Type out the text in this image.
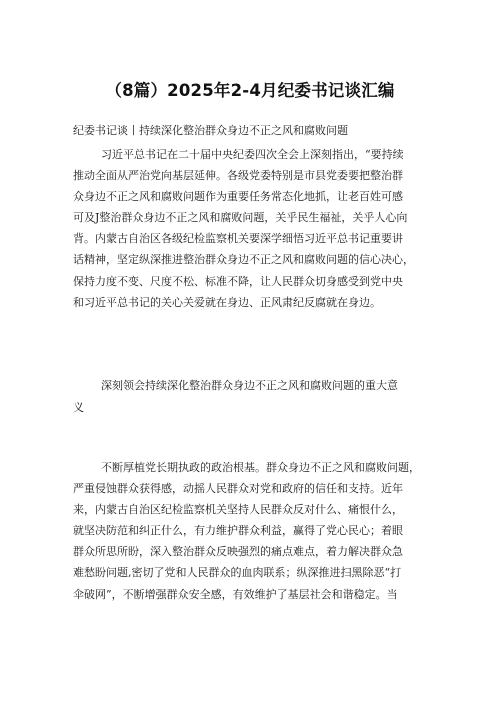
（8篇）2025年2-4月纪委书记谈汇编

纪委书记谈丨持续深化整治群众身边不正之风和腐败问题

习近平总书记在二十届中央纪委四次全会上深刻指出，“要持续
推动全面从严治党向基层延伸。各级党委特别是市县党委要把整治群
众身边不正之风和腐败问题作为重要任务常态化地抓，让老百姓可感
可及J整治群众身边不正之风和腐败问题，关乎民生福祉，关乎人心向
背。内蒙古自治区各级纪检监察机关要深学细悟习近平总书记重要讲
话精神，坚定纵深推进整治群众身边不正之风和腐败问题的信心决心，
保持力度不变、尺度不松、标准不降，让人民群众切身感受到党中央
和习近平总书记的关心关爱就在身边、正风肃纪反腐就在身边。
深刻领会持续深化整治群众身边不正之风和腐败问题的重大意
义
不断厚植党长期执政的政治根基。群众身边不正之风和腐败问题，
严重侵蚀群众获得感，动摇人民群众对党和政府的信任和支持。近年
来，内蒙古自治区纪检监察机关坚持人民群众反对什么、痛恨什么，
就坚决防范和纠正什么，有力维护群众利益，赢得了党心民心；着眼
群众所思所盼，深入整治群众反映强烈的痛点难点，着力解决群众急
难愁盼问题,密切了党和人民群众的血肉联系；纵深推进扫黑除恶“打
伞破网”，不断增强群众安全感，有效维护了基层社会和谐稳定。当
